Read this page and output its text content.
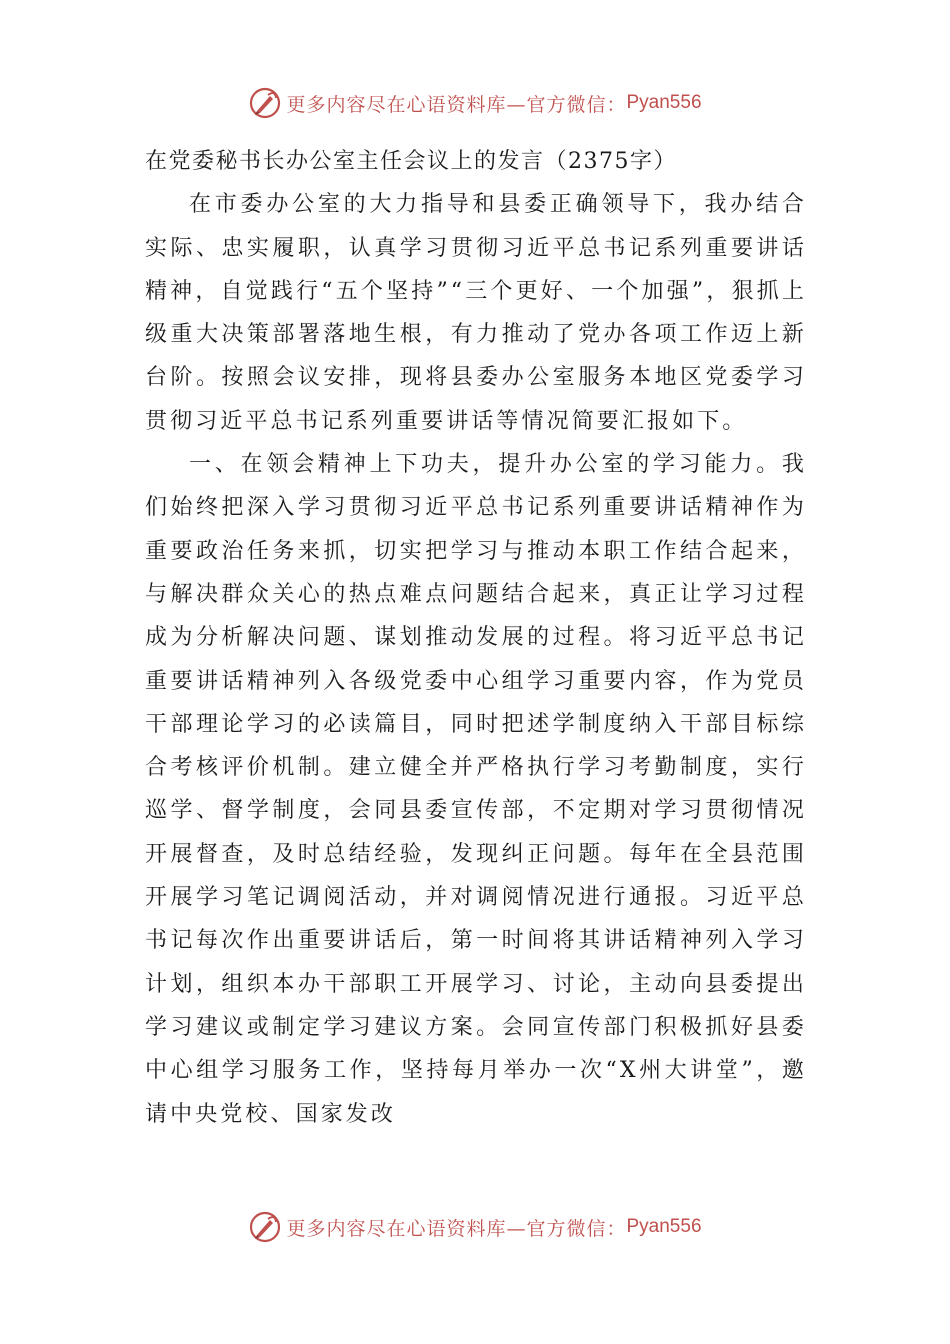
更多内容尽在心语资料库—官方微信： Pyan556

在党委秘书长办公室主任会议上的发言（2375字）

在市委办公室的大力指导和县委正确领导下，我办结合实际、忠实履职，认真学习贯彻习近平总书记系列重要讲话精神，自觉践行“五个坚持”“三个更好、一个加强”，狠抓上级重大决策部署落地生根，有力推动了党办各项工作迈上新台阶。按照会议安排，现将县委办公室服务本地区党委学习贯彻习近平总书记系列重要讲话等情况简要汇报如下。

一、在领会精神上下功夫，提升办公室的学习能力。我们始终把深入学习贯彻习近平总书记系列重要讲话精神作为重要政治任务来抓，切实把学习与推动本职工作结合起来，与解决群众关心的热点难点问题结合起来，真正让学习过程成为分析解决问题、谋划推动发展的过程。将习近平总书记重要讲话精神列入各级党委中心组学习重要内容，作为党员干部理论学习的必读篇目，同时把述学制度纳入干部目标综合考核评价机制。建立健全并严格执行学习考勤制度，实行巡学、督学制度，会同县委宣传部，不定期对学习贯彻情况开展督查，及时总结经验，发现纠正问题。每年在全县范围开展学习笔记调阅活动，并对调阅情况进行通报。习近平总书记每次作出重要讲话后，第一时间将其讲话精神列入学习计划，组织本办干部职工开展学习、讨论，主动向县委提出学习建议或制定学习建议方案。会同宣传部门积极抓好县委中心组学习服务工作，坚持每月举办一次“X州大讲堂”，邀请中央党校、国家发改

更多内容尽在心语资料库—官方微信： Pyan556
